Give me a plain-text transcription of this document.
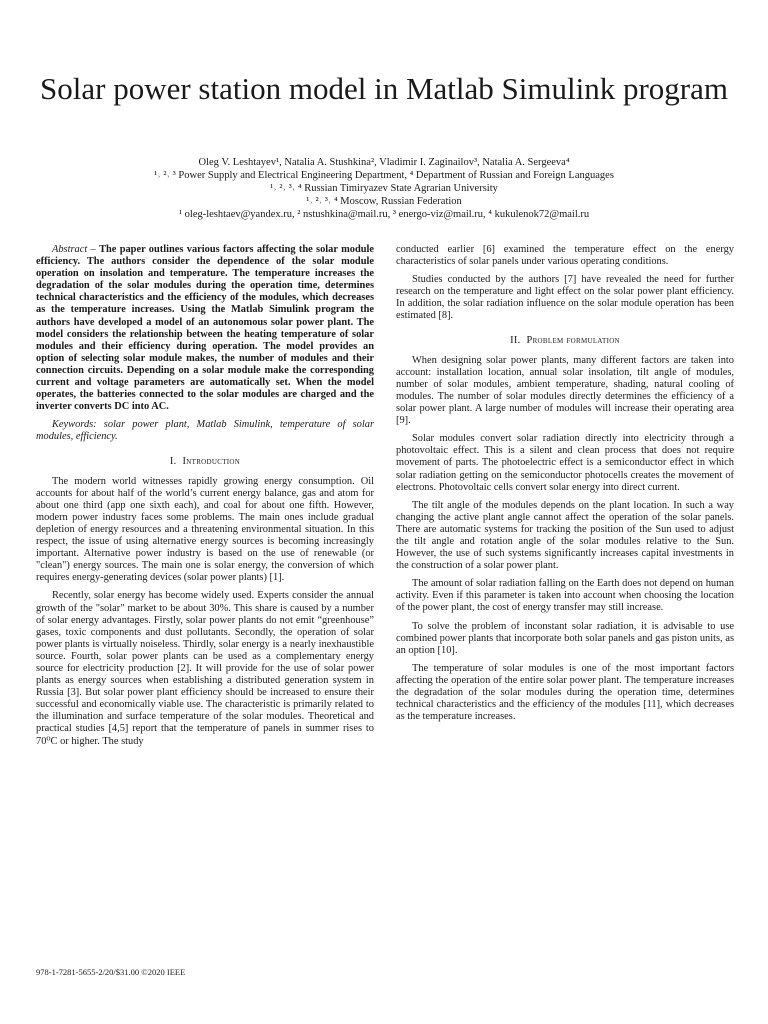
Solar power station model in Matlab Simulink program
Oleg V. Leshtayev¹, Natalia A. Stushkina², Vladimir I. Zaginailov³, Natalia A. Sergeeva⁴
¹˒ ²˒ ³ Power Supply and Electrical Engineering Department, ⁴ Department of Russian and Foreign Languages
¹˒ ²˒ ³˒ ⁴ Russian Timiryazev State Agrarian University
¹˒ ²˒ ³˒ ⁴ Moscow, Russian Federation
¹ oleg-leshtaev@yandex.ru, ² nstushkina@mail.ru, ³ energo-viz@mail.ru, ⁴ kukulenok72@mail.ru

Abstract – The paper outlines various factors affecting the solar module efficiency. The authors consider the dependence of the solar module operation on insolation and temperature. The temperature increases the degradation of the solar modules during the operation time, determines technical characteristics and the efficiency of the modules, which decreases as the temperature increases. Using the Matlab Simulink program the authors have developed a model of an autonomous solar power plant. The model considers the relationship between the heating temperature of solar modules and their efficiency during operation. The model provides an option of selecting solar module makes, the number of modules and their connection circuits. Depending on a solar module make the corresponding current and voltage parameters are automatically set. When the model operates, the batteries connected to the solar modules are charged and the inverter converts DC into AC.

Keywords: solar power plant, Matlab Simulink, temperature of solar modules, efficiency.

I. Introduction

The modern world witnesses rapidly growing energy consumption. Oil accounts for about half of the world’s current energy balance, gas and atom for about one third (app one sixth each), and coal for about one fifth. However, modern power industry faces some problems. The main ones include gradual depletion of energy resources and a threatening environmental situation. In this respect, the issue of using alternative energy sources is becoming increasingly important. Alternative power industry is based on the use of renewable (or "clean") energy sources. The main one is solar energy, the conversion of which requires energy-generating devices (solar power plants) [1].

Recently, solar energy has become widely used. Experts consider the annual growth of the "solar" market to be about 30%. This share is caused by a number of solar energy advantages. Firstly, solar power plants do not emit “greenhouse” gases, toxic components and dust pollutants. Secondly, the operation of solar power plants is virtually noiseless. Thirdly, solar energy is a nearly inexhaustible source. Fourth, solar power plants can be used as a complementary energy source for electricity production [2]. It will provide for the use of solar power plants as energy sources when establishing a distributed generation system in Russia [3]. But solar power plant efficiency should be increased to ensure their successful and economically viable use. The characteristic is primarily related to the illumination and surface temperature of the solar modules. Theoretical and practical studies [4,5] report that the temperature of panels in summer rises to 70⁰C or higher. The study

conducted earlier [6] examined the temperature effect on the energy characteristics of solar panels under various operating conditions.

Studies conducted by the authors [7] have revealed the need for further research on the temperature and light effect on the solar power plant efficiency. In addition, the solar radiation influence on the solar module operation has been estimated [8].

II. Problem formulation

When designing solar power plants, many different factors are taken into account: installation location, annual solar insolation, tilt angle of modules, number of solar modules, ambient temperature, shading, natural cooling of modules. The number of solar modules directly determines the efficiency of a solar power plant. A large number of modules will increase their operating area [9].

Solar modules convert solar radiation directly into electricity through a photovoltaic effect. This is a silent and clean process that does not require movement of parts. The photoelectric effect is a semiconductor effect in which solar radiation getting on the semiconductor photocells creates the movement of electrons. Photovoltaic cells convert solar energy into direct current.

The tilt angle of the modules depends on the plant location. In such a way changing the active plant angle cannot affect the operation of the solar panels. There are automatic systems for tracking the position of the Sun used to adjust the tilt angle and rotation angle of the solar modules relative to the Sun. However, the use of such systems significantly increases capital investments in the construction of a solar power plant.

The amount of solar radiation falling on the Earth does not depend on human activity. Even if this parameter is taken into account when choosing the location of the power plant, the cost of energy transfer may still increase.

To solve the problem of inconstant solar radiation, it is advisable to use combined power plants that incorporate both solar panels and gas piston units, as an option [10].

The temperature of solar modules is one of the most important factors affecting the operation of the entire solar power plant. The temperature increases the degradation of the solar modules during the operation time, determines technical characteristics and the efficiency of the modules [11], which decreases as the temperature increases.

978-1-7281-5655-2/20/$31.00 ©2020 IEEE
